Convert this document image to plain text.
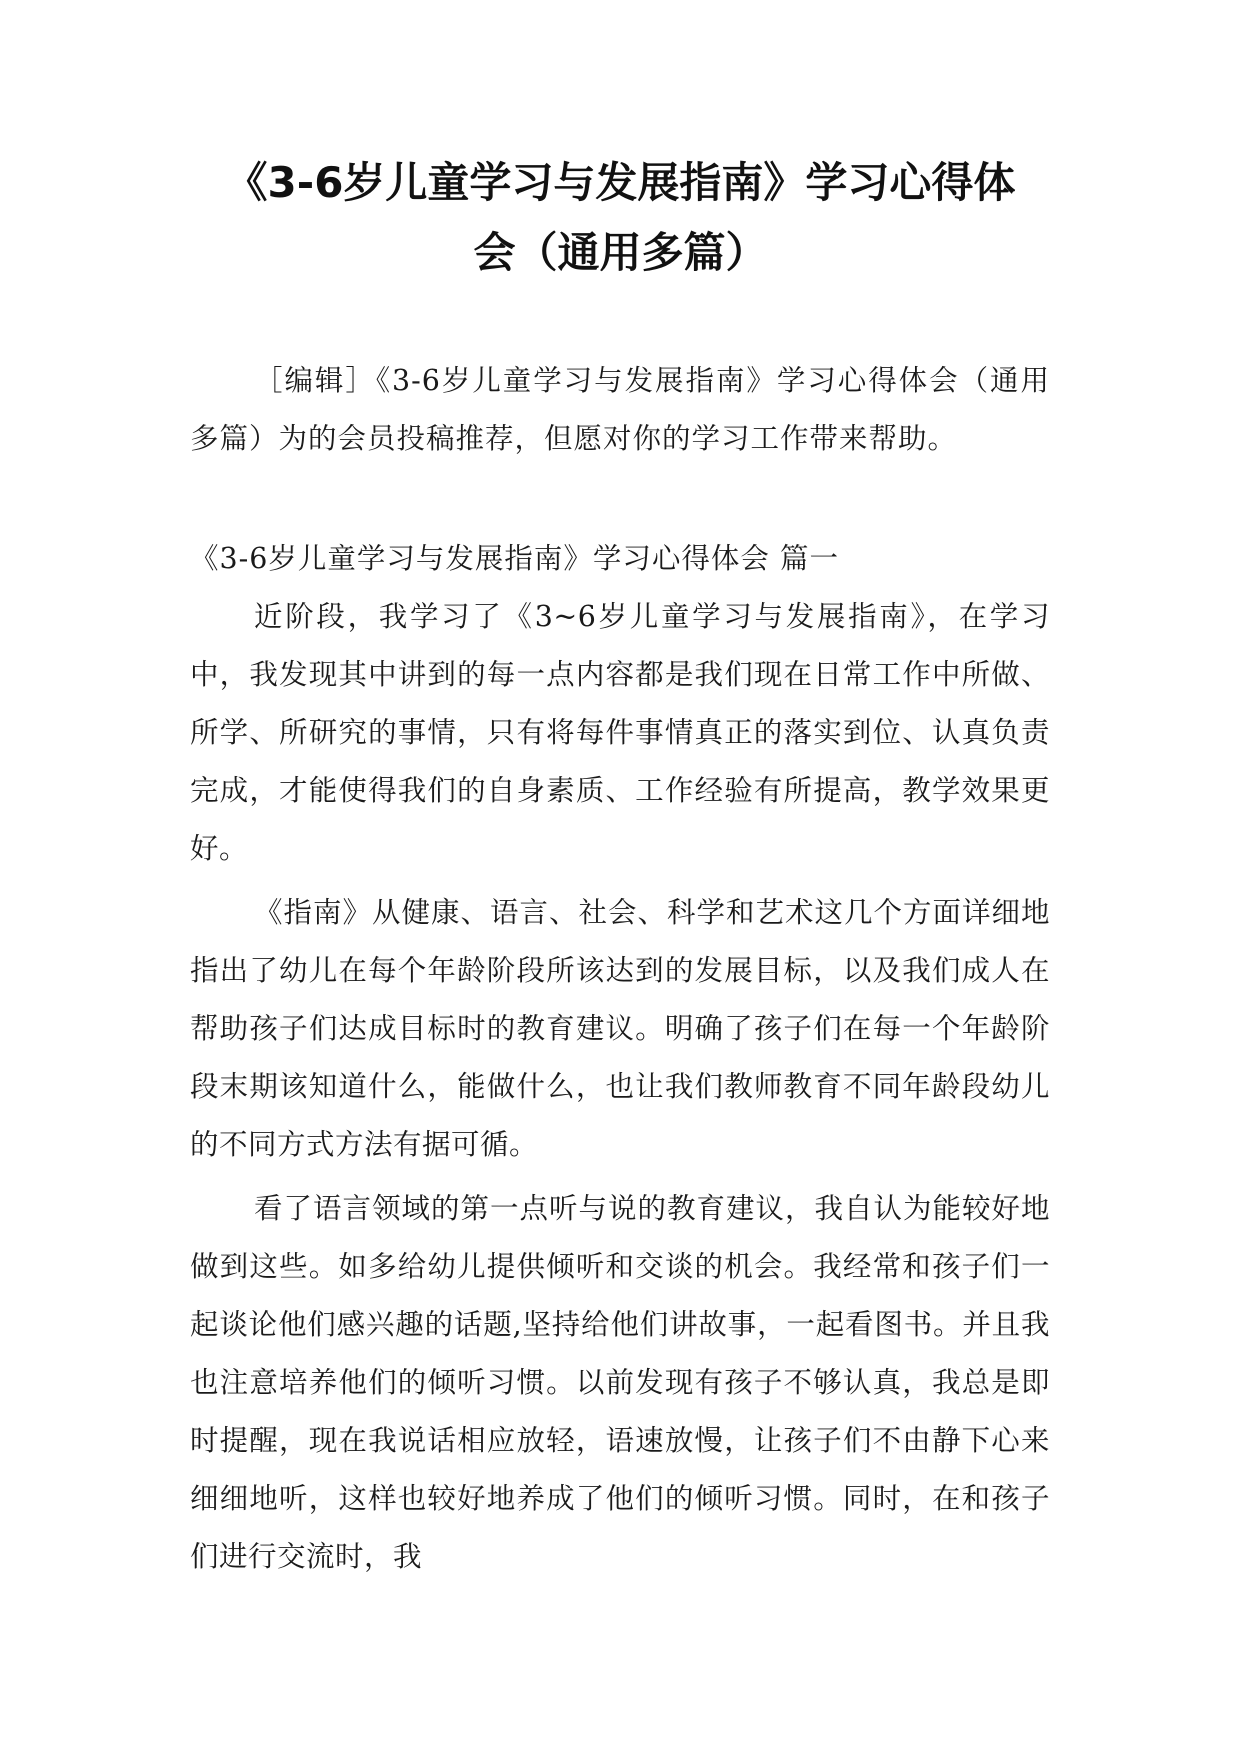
《3-6岁儿童学习与发展指南》学习心得体
会（通用多篇）

［编辑］《3-6岁儿童学习与发展指南》学习心得体会（通用多篇）为的会员投稿推荐，但愿对你的学习工作带来帮助。

《3-6岁儿童学习与发展指南》学习心得体会 篇一

近阶段，我学习了《3~6岁儿童学习与发展指南》，在学习中，我发现其中讲到的每一点内容都是我们现在日常工作中所做、所学、所研究的事情，只有将每件事情真正的落实到位、认真负责完成，才能使得我们的自身素质、工作经验有所提高，教学效果更好。

《指南》从健康、语言、社会、科学和艺术这几个方面详细地指出了幼儿在每个年龄阶段所该达到的发展目标，以及我们成人在帮助孩子们达成目标时的教育建议。明确了孩子们在每一个年龄阶段末期该知道什么，能做什么，也让我们教师教育不同年龄段幼儿的不同方式方法有据可循。

看了语言领域的第一点听与说的教育建议，我自认为能较好地做到这些。如多给幼儿提供倾听和交谈的机会。我经常和孩子们一起谈论他们感兴趣的话题,坚持给他们讲故事，一起看图书。并且我也注意培养他们的倾听习惯。以前发现有孩子不够认真，我总是即时提醒，现在我说话相应放轻，语速放慢，让孩子们不由静下心来细细地听，这样也较好地养成了他们的倾听习惯。同时，在和孩子们进行交流时，我
